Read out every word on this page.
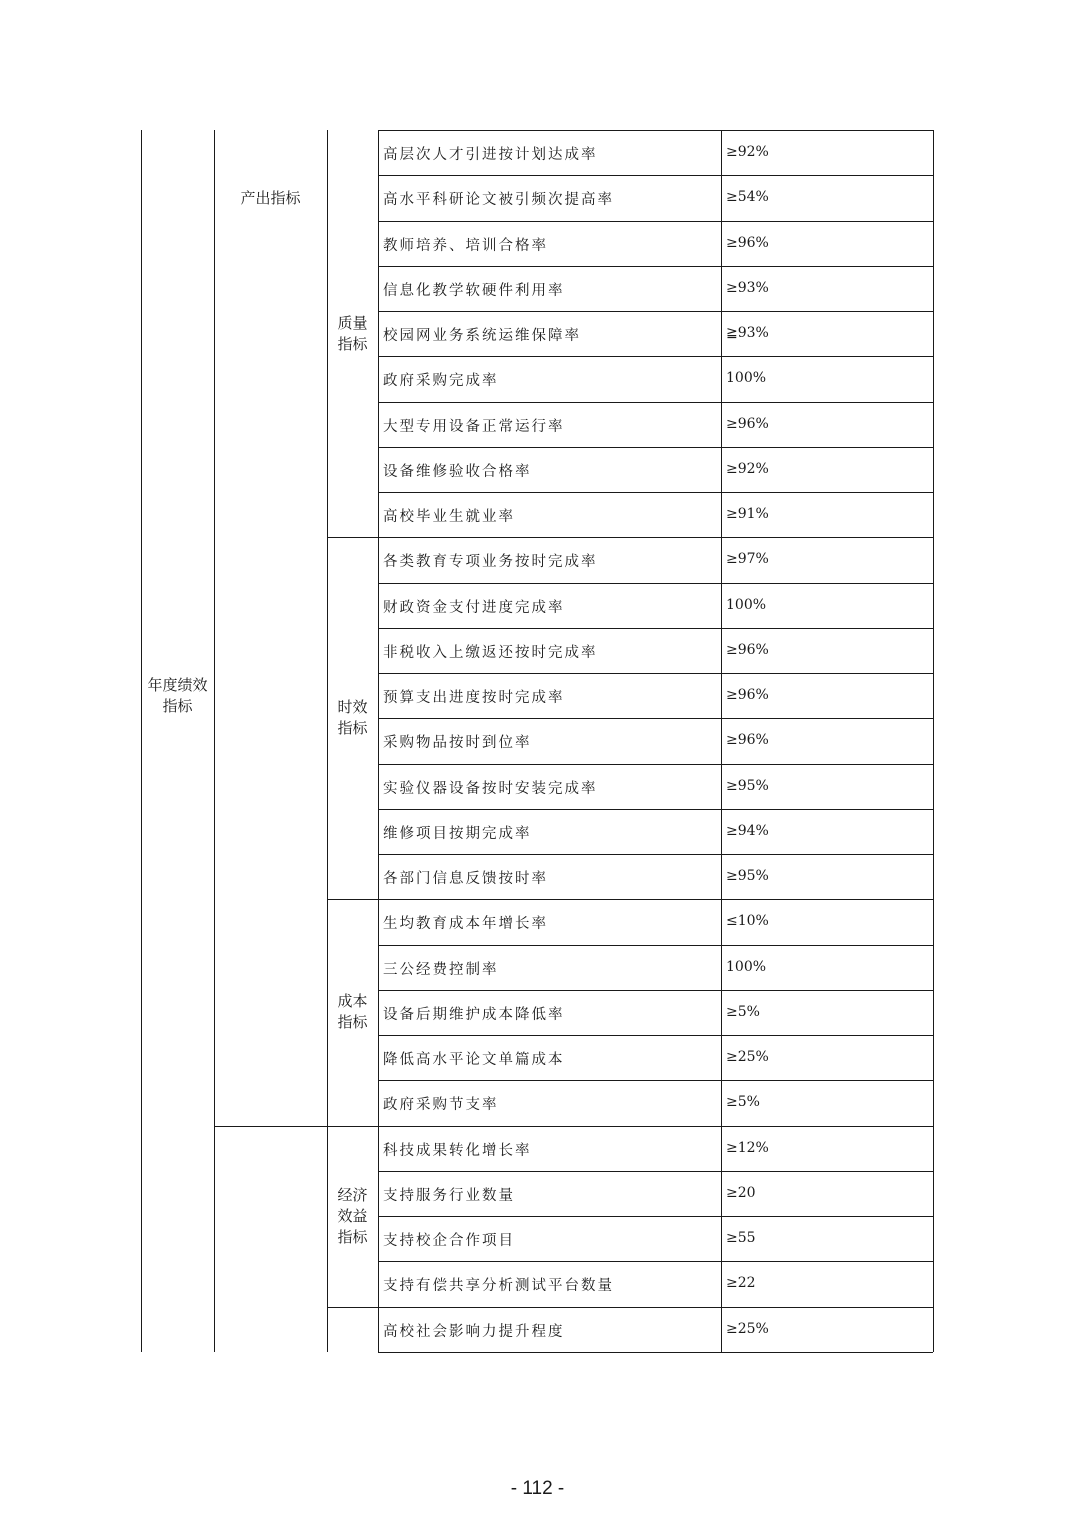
年度绩效
指标
产出指标
质量
指标
高层次人才引进按计划达成率	≥92%
高水平科研论文被引频次提高率	≥54%
教师培养、培训合格率	≥96%
信息化教学软硬件利用率	≥93%
校园网业务系统运维保障率	≧93%
政府采购完成率	100%
大型专用设备正常运行率	≥96%
设备维修验收合格率	≥92%
高校毕业生就业率	≥91%
时效
指标
各类教育专项业务按时完成率	≥97%
财政资金支付进度完成率	100%
非税收入上缴返还按时完成率	≥96%
预算支出进度按时完成率	≥96%
采购物品按时到位率	≥96%
实验仪器设备按时安装完成率	≥95%
维修项目按期完成率	≥94%
各部门信息反馈按时率	≥95%
成本
指标
生均教育成本年增长率	≤10%
三公经费控制率	100%
设备后期维护成本降低率	≥5%
降低高水平论文单篇成本	≥25%
政府采购节支率	≥5%
经济
效益
指标
科技成果转化增长率	≥12%
支持服务行业数量	≥20
支持校企合作项目	≥55
支持有偿共享分析测试平台数量	≥22
高校社会影响力提升程度	≥25%
- 112 -
